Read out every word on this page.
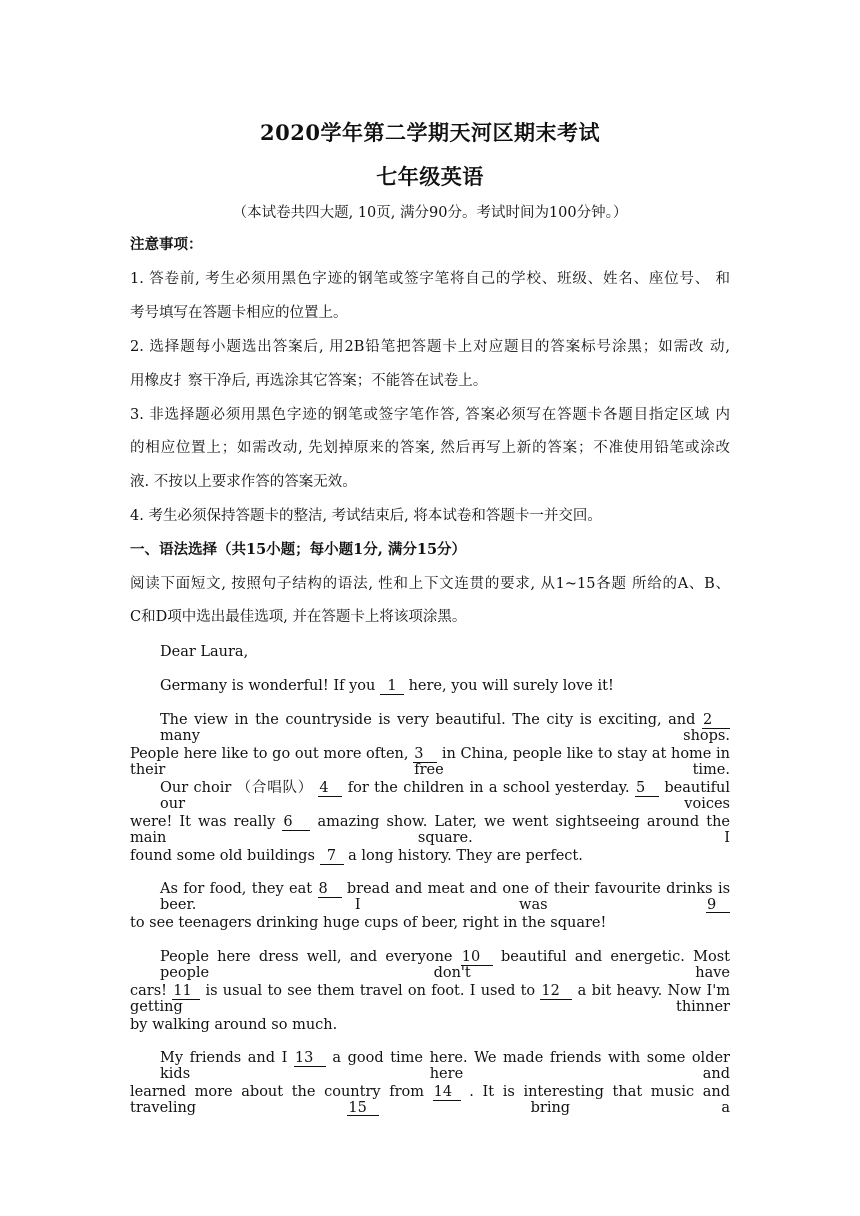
2020学年第二学期天河区期末考试
七年级英语
（本试卷共四大题, 10页, 满分90分。考试时间为100分钟。）
注意事项：
1. 答卷前, 考生必须用黑色字迹的钢笔或签字笔将自己的学校、班级、姓名、座位号、 和
考号填写在答题卡相应的位置上。
2. 选择题每小题选出答案后, 用2B铅笔把答题卡上对应题目的答案标号涂黑；如需改 动,
用橡皮扌察干净后, 再选涂其它答案；不能答在试卷上。
3. 非选择题必须用黑色字迹的钢笔或签字笔作答, 答案必须写在答题卡各题目指定区域 内
的相应位置上；如需改动, 先划掉原来的答案, 然后再写上新的答案；不准使用铅笔或涂改
液. 不按以上要求作答的答案无效。
4. 考生必须保持答题卡的整洁, 考试结束后, 将本试卷和答题卡一并交回。
一、语法选择（共15小题；每小题1分, 满分15分）
阅读下面短文, 按照句子结构的语法, 性和上下文连贯的要求, 从1~15各题 所给的A、B、
C和D项中选出最佳选项, 并在答题卡上将该项涂黑。
Dear Laura,
Germany is wonderful! If you 1 here, you will surely love it!
The view in the countryside is very beautiful. The city is exciting, and 2 many shops.
People here like to go out more often, 3 in China, people like to stay at home in their free time.
Our choir （合唱队） 4 for the children in a school yesterday. 5 beautiful our voices
were! It was really 6 amazing show. Later, we went sightseeing around the main square. I
found some old buildings 7 a long history. They are perfect.
As for food, they eat 8 bread and meat and one of their favourite drinks is beer. I was	9
to see teenagers drinking huge cups of beer, right in the square!
People here dress well, and everyone 10 beautiful and energetic. Most people don't have
cars! 11 is usual to see them travel on foot. I used to 12 a bit heavy. Now I'm getting thinner
by walking around so much.
My friends and I 13 a good time here. We made friends with some older kids here and
learned more about the country from 14 . It is interesting that music and traveling	15	bring a
